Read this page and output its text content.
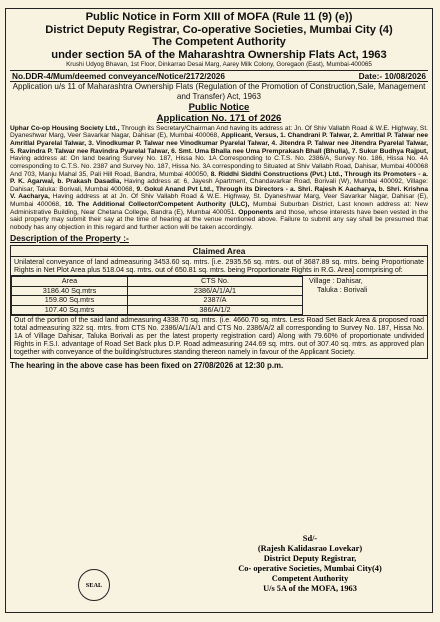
Public Notice in Form XIII of MOFA (Rule 11 (9) (e))
District Deputy Registrar, Co-operative Societies, Mumbai City (4)
The Competent Authority
under section 5A of the Maharashtra Ownership Flats Act, 1963
Krushi Udyog Bhavan, 1st Floor, Dinkarrao Desai Marg, Aarey Milk Colony, Goregaon (East), Mumbai-400065
No.DDR-4/Mum/deemed conveyance/Notice/2172/2026	Date:- 10/08/2026
Application u/s 11 of Maharashtra Ownership Flats (Regulation of the Promotion of Construction,Sale, Management and Transfer) Act, 1963
Public Notice
Application No. 171 of 2026
Uphar Co-op Housing Society Ltd., Through its Secretary/Chairman And having its address at: Jn. Of Shiv Vallabh Road & W.E. Highway, St. Dyaneshwar Marg, Veer Savarkar Nagar, Dahisar (E), Mumbai 400068, Applicant, Versus, 1. Chandrani P. Talwar, 2. Amritlal P. Talwar nee Amritlal Pyarelal Talwar, 3. Vinodkumar P. Talwar nee Vinodkumar Pyarelal Talwar, 4. Jitendra P. Talwar nee Jitendra Pyarelal Talwar, 5. Ravindra P. Talwar nee Ravindra Pyarelal Talwar, 6. Smt. Uma Bhalla nee Uma Premprakash Bhall (Bhulla), 7. Sukur Budhya Rajput, Having address at: On land bearing Survey No. 187, Hissa No. 1A Corresponding to C.T.S. No. 2386/A, Survey No. 186, Hissa No. 4A corresponding to C.T.S. No. 2387 and Survey No. 187, Hissa No. 3A corresponding to Situated at Shiv Vallabh Road, Dahisar, Mumbai 400068 And 703, Manju Mahal 35, Pali Hill Road, Bandra, Mumbai 400050, 8. Riddhi Siddhi Constructions (Pvt.) Ltd., Through its Promoters - a. P. K. Agarwal, b. Prakash Dasadia, Having address at: 6, Jayesh Apartment, Chandavarkar Road, Borivali (W), Mumbai 400092, Village: Dahisar, Taluka: Borivali, Mumbai 400068, 9. Gokul Anand Pvt Ltd., Through its Directors - a. Shri. Rajesh K Aacharya, b. Shri. Krishna V. Aacharya, Having address at at Jn. Of Shiv Vallabh Road & W.E. Highway, St. Dyaneshwar Marg, Veer Savarkar Nagar, Dahisar (E), Mumbai 400068, 10. The Additional Collector/Competent Authority (ULC), Mumbai Suburban District, Last known address at: New Administrative Building, Near Chetana College, Bandra (E), Mumbai 400051. Opponents and those, whose interests have been vested in the said property may submit their say at the time of hearing at the venue mentioned above. Failure to submit any say shall be presumed that nobody has any objection in this regard and further action will be taken accordingly.
Description of the Property :-
Claimed Area
Unilateral conveyance of land admeasuring 3453.60 sq. mtrs. [i.e. 2935.56 sq. mtrs. out of 3687.89 sq. mtrs. being Proportionate Rights in Net Plot Area plus 518.04 sq. mtrs. out of 650.81 sq. mtrs. being Proportionate Rights in R.G. Area] comrprising of:
Area	CTS No.
3186.40 Sq.mtrs	2386/A/1/A/1
159.80 Sq.mtrs	2387/A
107.40 Sq.mtrs	386/A/1/2
Village : Dahisar,
Taluka : Borivali
Out of the portion of the said land admeasuring 4338.70 sq. mtrs. (i.e. 4660.70 sq. mtrs. Less Road Set Back Area & proposed road total admeasuring 322 sq. mtrs. from CTS No. 2386/A/1/A/1 and CTS No. 2386/A/2 all corresponding to Survey No. 187, Hissa No. 1A of Village Dahisar, Taluka Borivali as per the latest property registration card) Along with 79.60% of proportionate undivided Rights in F.S.I. advantage of Road Set Back plus D.P. Road admeasuring 244.69 sq. mtrs. out of 307.40 sq. mtrs. as approved plan together with conveyance of the building/structures standing thereon namely in favour of the Applicant Society.
The hearing in the above case has been fixed on 27/08/2026 at 12:30 p.m.
Sd/-
(Rajesh Kalidasrao Lovekar)
District Deputy Registrar,
Co- operative Societies, Mumbai City(4)
Competent Authority
U/s 5A of the MOFA, 1963
SEAL
